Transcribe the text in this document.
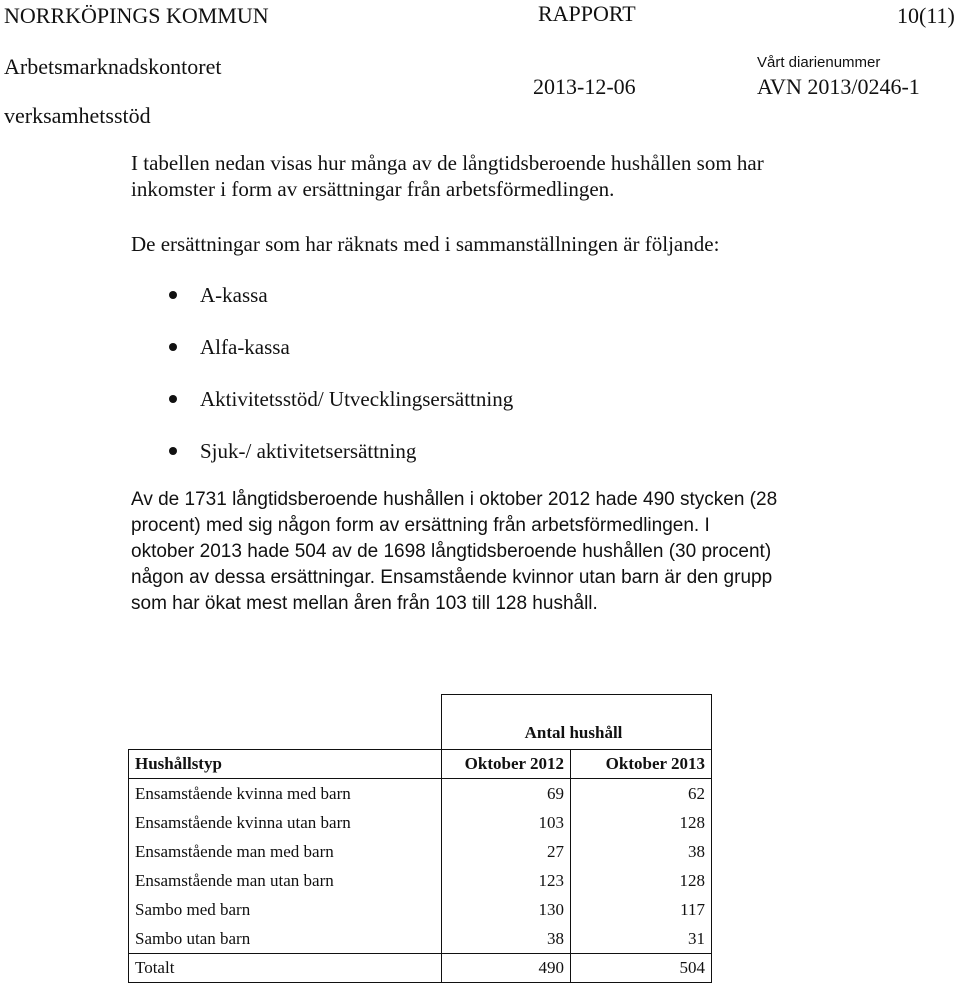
NORRKÖPINGS KOMMUN	RAPPORT	10(11)
Arbetsmarknadskontoret	Vårt diarienummer
2013-12-06	AVN 2013/0246-1
verksamhetsstöd
I tabellen nedan visas hur många av de långtidsberoende hushållen som har
inkomster i form av ersättningar från arbetsförmedlingen.
De ersättningar som har räknats med i sammanställningen är följande:
A-kassa
Alfa-kassa
Aktivitetsstöd/ Utvecklingsersättning
Sjuk-/ aktivitetsersättning
Av de 1731 långtidsberoende hushållen i oktober 2012 hade 490 stycken (28
procent) med sig någon form av ersättning från arbetsförmedlingen. I
oktober 2013 hade 504 av de 1698 långtidsberoende hushållen (30 procent)
någon av dessa ersättningar. Ensamstående kvinnor utan barn är den grupp
som har ökat mest mellan åren från 103 till 128 hushåll.
	Antal hushåll	
Hushållstyp	Oktober 2012	Oktober 2013
Ensamstående kvinna med barn	69	62
Ensamstående kvinna utan barn	103	128
Ensamstående man med barn	27	38
Ensamstående man utan barn	123	128
Sambo med barn	130	117
Sambo utan barn	38	31
Totalt	490	504
